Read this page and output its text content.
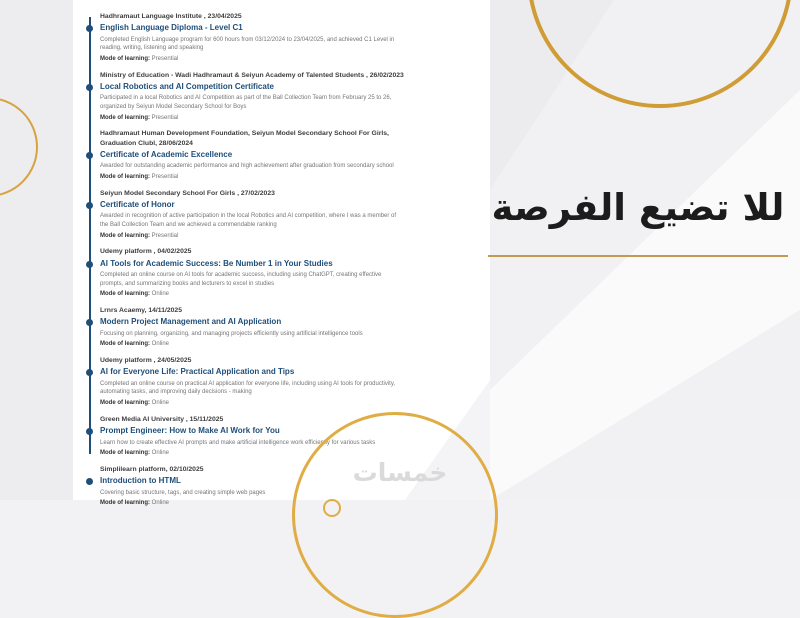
Hadhramaut Language Institute , 23/04/2025
English Language Diploma - Level C1
Completed English Language program for 600 hours from 03/12/2024 to 23/04/2025, and achieved C1 Level in reading, writing, listening and speaking
Mode of learning: Presential
Ministry of Education - Wadi Hadhramaut & Seiyun Academy of Talented Students , 26/02/2023
Local Robotics and AI Competition Certificate
Participated in a local Robotics and AI Competition as part of the Ball Collection Team from February 25 to 26, organized by Seiyun Model Secondary School for Boys
Mode of learning: Presential
Hadhramaut Human Development Foundation, Seiyun Model Secondary School For Girls, Graduation Clubl, 28/06/2024
Certificate of Academic Excellence
Awarded for outstanding academic performance and high achievement after graduation from secondary school
Mode of learning: Presential
Seiyun Model Secondary School For Girls , 27/02/2023
Certificate of Honor
Awarded in recognition of active participation in the local Robotics and AI competition, where I was a member of the Ball Collection Team and we achieved a commendable ranking
Mode of learning: Presential
Udemy platform , 04/02/2025
AI Tools for Academic Success: Be Number 1 in Your Studies
Completed an online course on AI tools for academic success, including using ChatGPT, creating effective prompts, and summarizing books and lecturers to excel in studies
Mode of learning: Online
Lrnrs Acaemy, 14/11/2025
Modern Project Management and AI Application
Focusing on planning, organizing, and managing projects efficiently using artificial intelligence tools
Mode of learning: Online
Udemy platform , 24/05/2025
AI for Everyone Life: Practical Application and Tips
Completed an online course on practical AI application for everyone life, including using AI tools for productivity, automating tasks, and improving daily decisions - making
Mode of learning: Online
Green Media AI University , 15/11/2025
Prompt Engineer: How to Make AI Work for You
Learn how to create effective AI prompts and make artificial intelligence work efficiently for various tasks
Mode of learning: Online
Simplilearn platform, 02/10/2025
Introduction to HTML
Covering basic structure, tags, and creating simple web pages
Mode of learning: Online
للا تضيع الفرصة
خمسات
